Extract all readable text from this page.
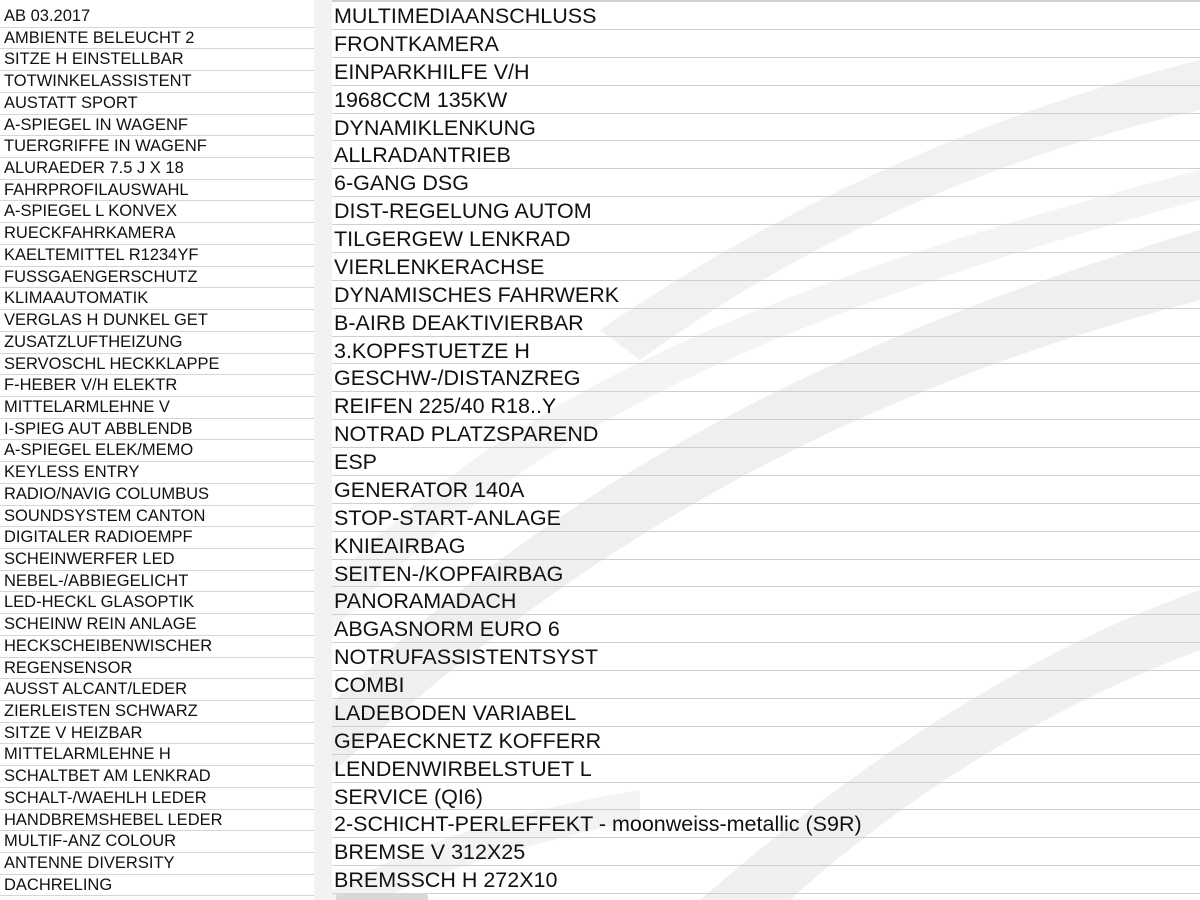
AB 03.2017
AMBIENTE BELEUCHT 2
SITZE H EINSTELLBAR
TOTWINKELASSISTENT
AUSTATT SPORT
A-SPIEGEL IN WAGENF
TUERGRIFFE IN WAGENF
ALURAEDER 7.5 J X 18
FAHRPROFILAUSWAHL
A-SPIEGEL L KONVEX
RUECKFAHRKAMERA
KAELTEMITTEL R1234YF
FUSSGAENGERSCHUTZ
KLIMAAUTOMATIK
VERGLAS H DUNKEL GET
ZUSATZLUFTHEIZUNG
SERVOSCHL HECKKLAPPE
F-HEBER V/H ELEKTR
MITTELARMLEHNE V
I-SPIEG AUT ABBLENDB
A-SPIEGEL ELEK/MEMO
KEYLESS ENTRY
RADIO/NAVIG COLUMBUS
SOUNDSYSTEM CANTON
DIGITALER RADIOEMPF
SCHEINWERFER LED
NEBEL-/ABBIEGELICHT
LED-HECKL GLASOPTIK
SCHEINW REIN ANLAGE
HECKSCHEIBENWISCHER
REGENSENSOR
AUSST ALCANT/LEDER
ZIERLEISTEN SCHWARZ
SITZE V HEIZBAR
MITTELARMLEHNE H
SCHALTBET AM LENKRAD
SCHALT-/WAEHLH LEDER
HANDBREMSHEBEL LEDER
MULTIF-ANZ COLOUR
ANTENNE DIVERSITY
DACHRELING
MULTIMEDIAANSCHLUSS
FRONTKAMERA
EINPARKHILFE V/H
1968CCM 135KW
DYNAMIKLENKUNG
ALLRADANTRIEB
6-GANG DSG
DIST-REGELUNG AUTOM
TILGERGEW LENKRAD
VIERLENKERACHSE
DYNAMISCHES FAHRWERK
B-AIRB DEAKTIVIERBAR
3.KOPFSTUETZE H
GESCHW-/DISTANZREG
REIFEN 225/40 R18..Y
NOTRAD PLATZSPAREND
ESP
GENERATOR 140A
STOP-START-ANLAGE
KNIEAIRBAG
SEITEN-/KOPFAIRBAG
PANORAMADACH
ABGASNORM EURO 6
NOTRUFASSISTENTSYST
COMBI
LADEBODEN VARIABEL
GEPAECKNETZ KOFFERR
LENDENWIRBELSTUET L
SERVICE (QI6)
2-SCHICHT-PERLEFFEKT - moonweiss-metallic (S9R)
BREMSE V 312X25
BREMSSCH H 272X10
